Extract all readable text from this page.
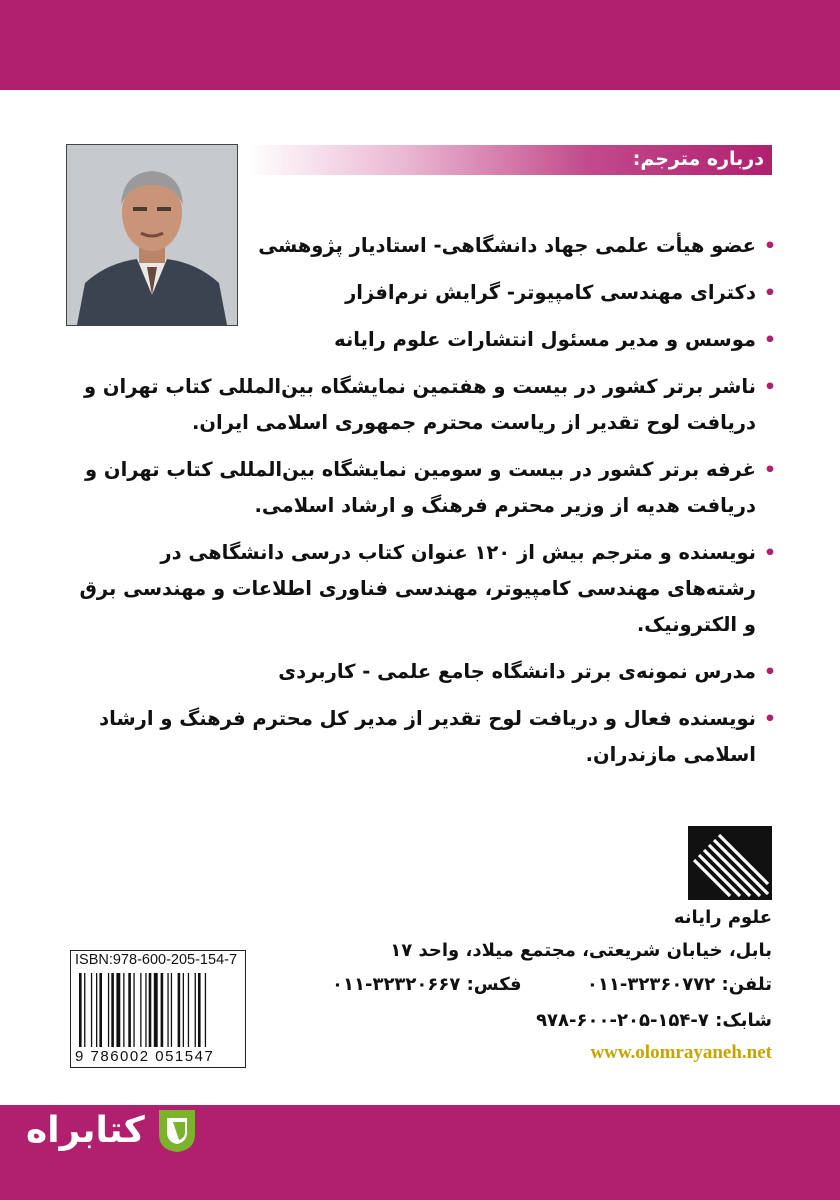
درباره مترجم:
•
عضو هیأت علمی جهاد دانشگاهی- استادیار پژوهشی
•
دکترای مهندسی کامپیوتر- گرایش نرم‌افزار
•
موسس و مدیر مسئول انتشارات علوم رایانه
•
ناشر برتر کشور در بیست و هفتمین نمایشگاه بین‌المللی کتاب تهران و دریافت لوح تقدیر از ریاست محترم جمهوری اسلامی ایران.
•
غرفه برتر کشور در بیست و سومین نمایشگاه بین‌المللی کتاب تهران و دریافت هدیه از وزیر محترم فرهنگ و ارشاد اسلامی.
•
نویسنده و مترجم بیش از ۱۲۰ عنوان کتاب درسی دانشگاهی در رشته‌های مهندسی کامپیوتر، مهندسی فناوری اطلاعات و مهندسی برق و الکترونیک.
•
مدرس نمونه‌ی برتر دانشگاه جامع علمی - کاربردی
•
نویسنده فعال و دریافت لوح تقدیر از مدیر کل محترم فرهنگ و ارشاد اسلامی مازندران.
علوم رایانه
بابل، خیابان شریعتی، مجتمع میلاد، واحد ۱۷
تلفن: ۳۲۳۶۰۷۷۲-۰۱۱
فکس: ۳۲۳۲۰۶۶۷-۰۱۱
شابک: ۷-۱۵۴-۲۰۵-۶۰۰-۹۷۸
www.olomrayaneh.net
ISBN:978-600-205-154-7
9 786002 051547
کتابراه
